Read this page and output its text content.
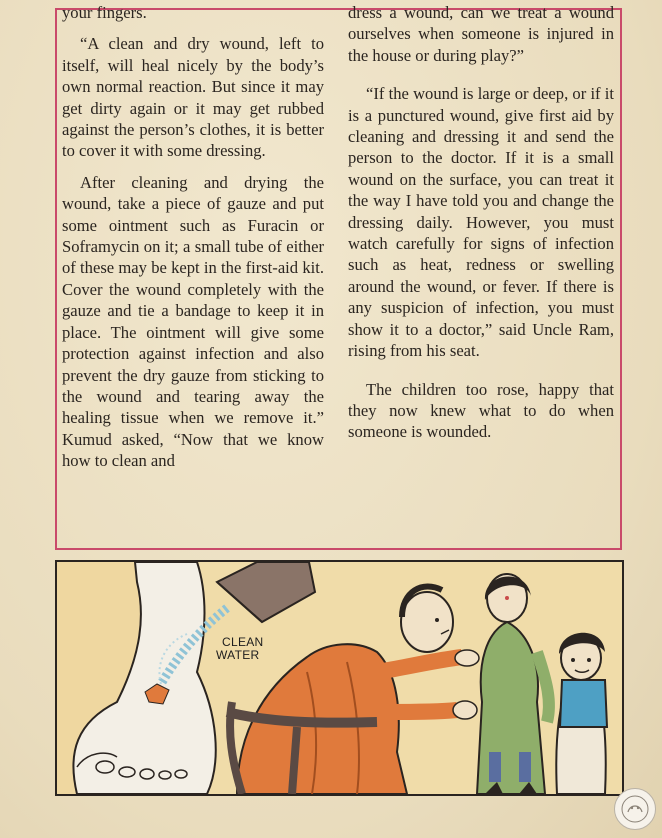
your fingers.

“A clean and dry wound, left to itself, will heal nicely by the body’s own normal reaction. But since it may get dirty again or it may get rubbed against the person’s clothes, it is better to cover it with some dressing.

After cleaning and drying the wound, take a piece of gauze and put some ointment such as Furacin or Soframycin on it; a small tube of either of these may be kept in the first-aid kit. Cover the wound completely with the gauze and tie a bandage to keep it in place. The ointment will give some protection against infection and also prevent the dry gauze from sticking to the wound and tearing away the healing tissue when we remove it.” Kumud asked, “Now that we know how to clean and

dress a wound, can we treat a wound ourselves when someone is injured in the house or during play?”

“If the wound is large or deep, or if it is a punctured wound, give first aid by cleaning and dressing it and send the person to the doctor. If it is a small wound on the surface, you can treat it the way I have told you and change the dressing daily. However, you must watch carefully for signs of infection such as heat, redness or swelling around the wound, or fever. If there is any suspicion of infection, you must show it to a doctor,” said Uncle Ram, rising from his seat.

The children too rose, happy that they now knew what to do when someone is wounded.

CLEAN
WATER
